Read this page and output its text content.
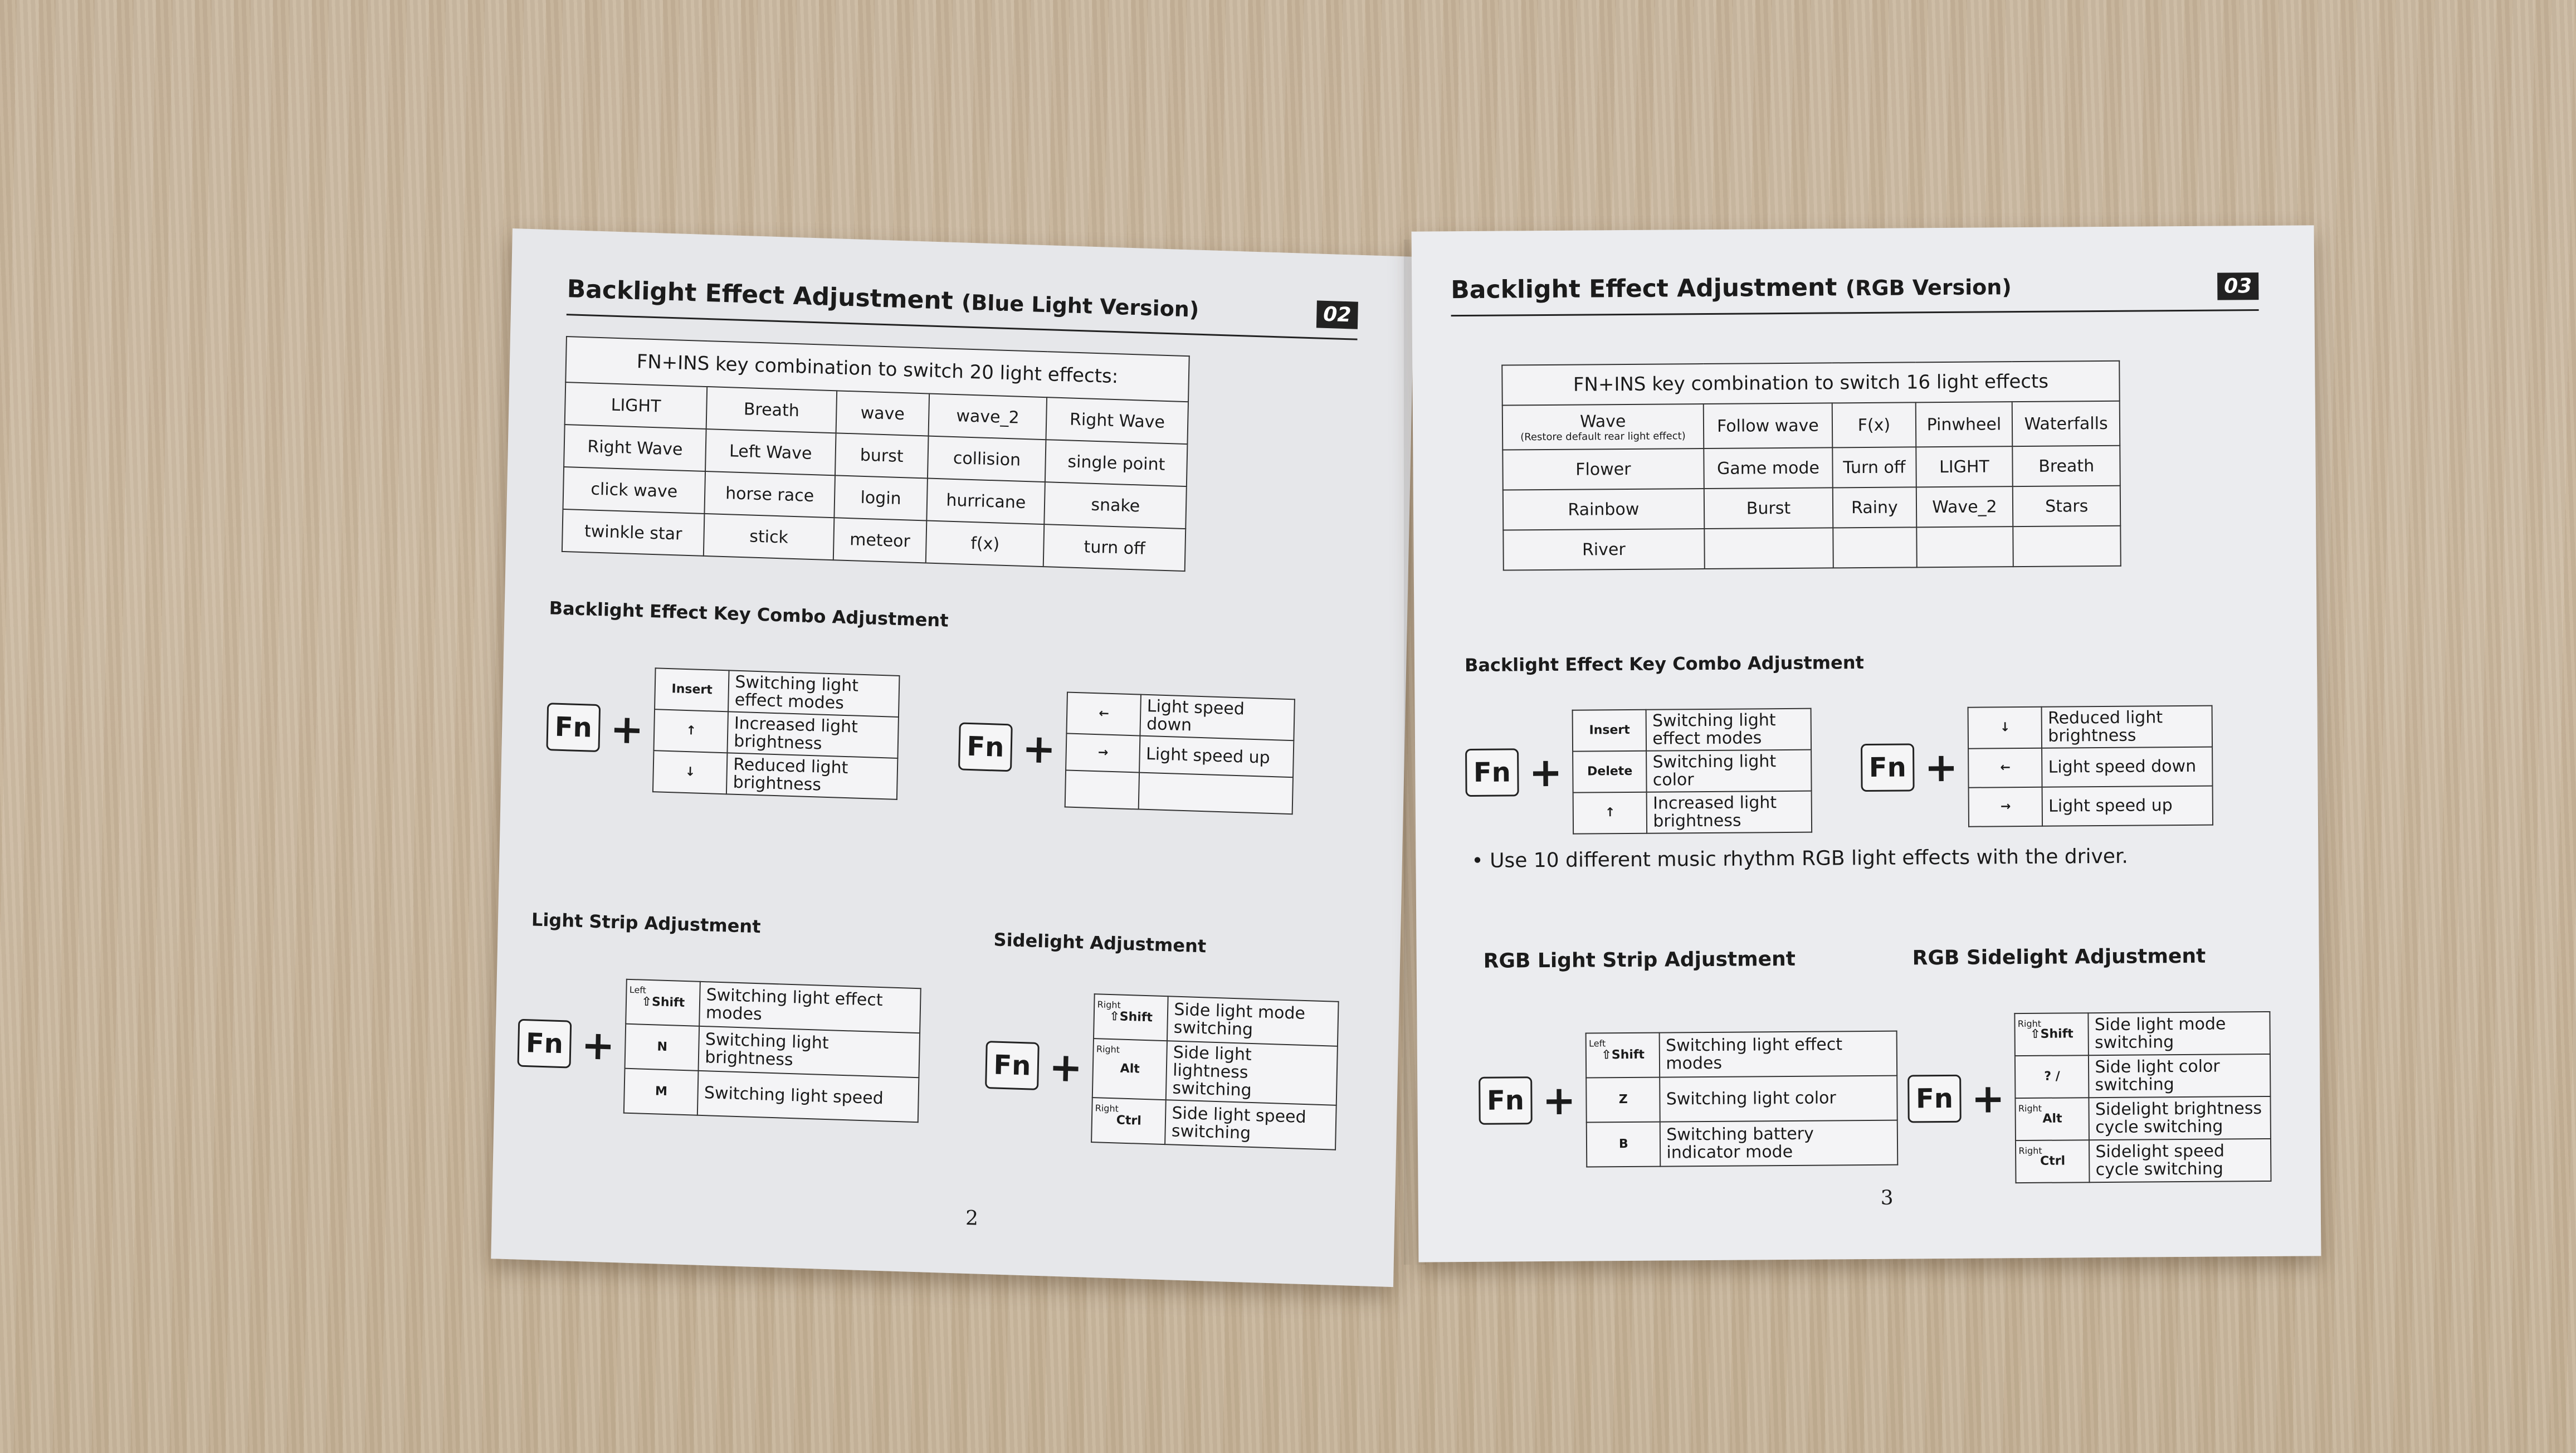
Backlight Effect Adjustment (Blue Light Version)	02
FN+INS key combination to switch 20 light effects:				
LIGHT	Breath	wave	wave_2	Right Wave
Right Wave	Left Wave	burst	collision	single point
click wave	horse race	login	hurricane	snake
twinkle star	stick	meteor	f(x)	turn off
Backlight Effect Key Combo Adjustment
Fn +
Insert	Switching light effect modes
↑	Increased light brightness
↓	Reduced light brightness
Fn +
←	Light speed down
→	Light speed up

Light Strip Adjustment
Fn +
Left
⇧Shift	Switching light effect modes
N	Switching light brightness
M	Switching light speed
Sidelight Adjustment
Fn +
Right
⇧Shift	Side light mode switching

Right
Alt	Side light lightness switching

Right
Ctrl	Side light speed switching
2
Backlight Effect Adjustment (RGB Version)	03
FN+INS key combination to switch 16 light effects				
Wave
(Restore default rear light effect)	Follow wave	F(x)	Pinwheel	Waterfalls
Flower	Game mode	Turn off	LIGHT	Breath
Rainbow	Burst	Rainy	Wave_2	Stars
River				
Backlight Effect Key Combo Adjustment
Fn +
Insert	Switching light effect modes
Delete	Switching light color
↑	Increased light brightness
Fn +
↓	Reduced light brightness
←	Light speed down
→	Light speed up
• Use 10 different music rhythm RGB light effects with the driver.
RGB Light Strip Adjustment
Fn +
Left
⇧Shift	Switching light effect modes
Z	Switching light color
B	Switching battery indicator mode
RGB Sidelight Adjustment
Fn +
Right
⇧Shift	Side light mode switching
? /	Side light color switching

Right
Alt	Sidelight brightness cycle switching

Right
Ctrl	Sidelight speed cycle switching
3
